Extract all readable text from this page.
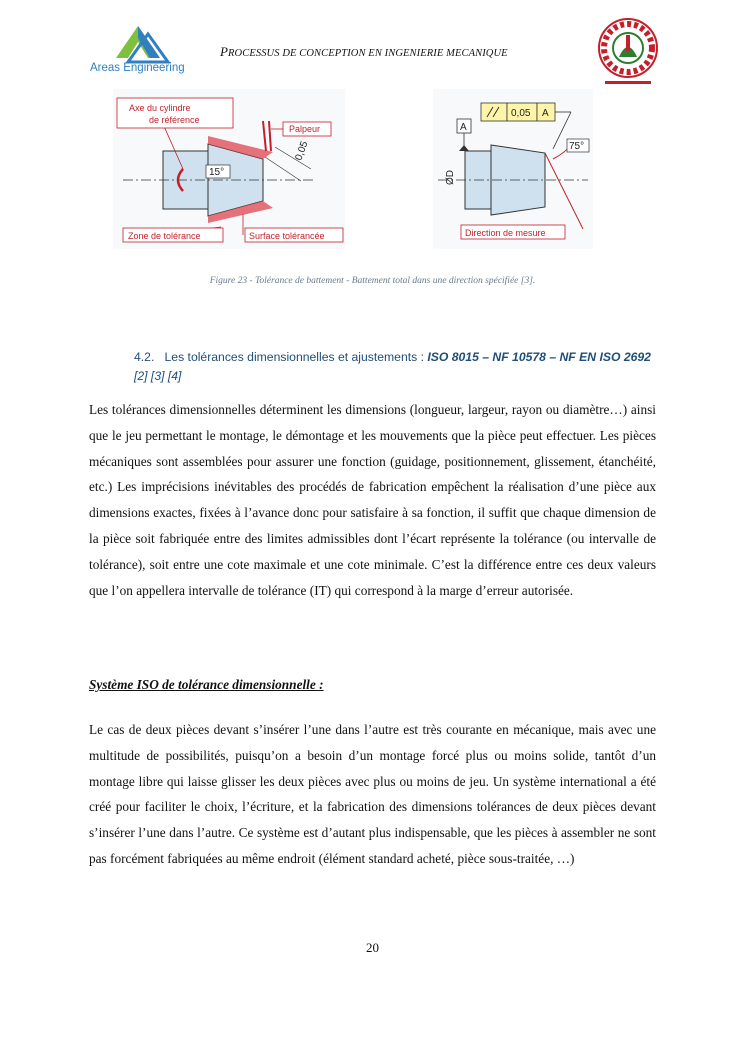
Areas Engineering
PROCESSUS DE CONCEPTION EN INGENIERIE MECANIQUE
Axe du cylindre
de référence
Palpeur
15°
0,05
Zone de tolérance	Surface tolérancée
A
0,05 A
ØD
75°
Direction de mesure
Figure 23 - Tolérance de battement - Battement total dans une direction spécifiée [3].
4.2. Les tolérances dimensionnelles et ajustements : ISO 8015 – NF 10578 – NF EN ISO 2692 [2] [3] [4]
Les tolérances dimensionnelles déterminent les dimensions (longueur, largeur, rayon ou diamètre…) ainsi que le jeu permettant le montage, le démontage et les mouvements que la pièce peut effectuer. Les pièces mécaniques sont assemblées pour assurer une fonction (guidage, positionnement, glissement, étanchéité, etc.) Les imprécisions inévitables des procédés de fabrication empêchent la réalisation d’une pièce aux dimensions exactes, fixées à l’avance donc pour satisfaire à sa fonction, il suffit que chaque dimension de la pièce soit fabriquée entre des limites admissibles dont l’écart représente la tolérance (ou intervalle de tolérance), soit entre une cote maximale et une cote minimale. C’est la différence entre ces deux valeurs que l’on appellera intervalle de tolérance (IT) qui correspond à la marge d’erreur autorisée.
Système ISO de tolérance dimensionnelle :
Le cas de deux pièces devant s’insérer l’une dans l’autre est très courante en mécanique, mais avec une multitude de possibilités, puisqu’on a besoin d’un montage forcé plus ou moins solide, tantôt d’un montage libre qui laisse glisser les deux pièces avec plus ou moins de jeu. Un système international a été créé pour faciliter le choix, l’écriture, et la fabrication des dimensions tolérances de deux pièces devant s’insérer l’une dans l’autre. Ce système est d’autant plus indispensable, que les pièces à assembler ne sont pas forcément fabriquées au même endroit (élément standard acheté, pièce sous-traitée, …)
20
